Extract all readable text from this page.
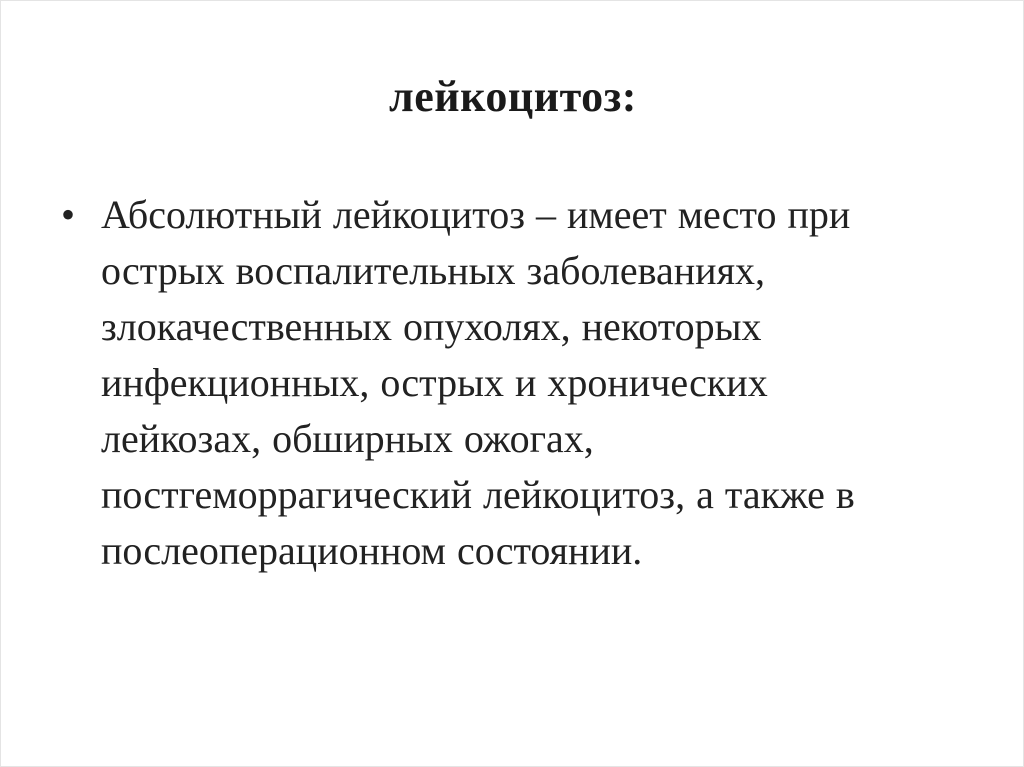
лейкоцитоз:
• Абсолютный лейкоцитоз – имеет место при
острых воспалительных заболеваниях,
злокачественных опухолях, некоторых
инфекционных, острых и хронических
лейкозах, обширных ожогах,
постгеморрагический лейкоцитоз, а также в
послеоперационном состоянии.
